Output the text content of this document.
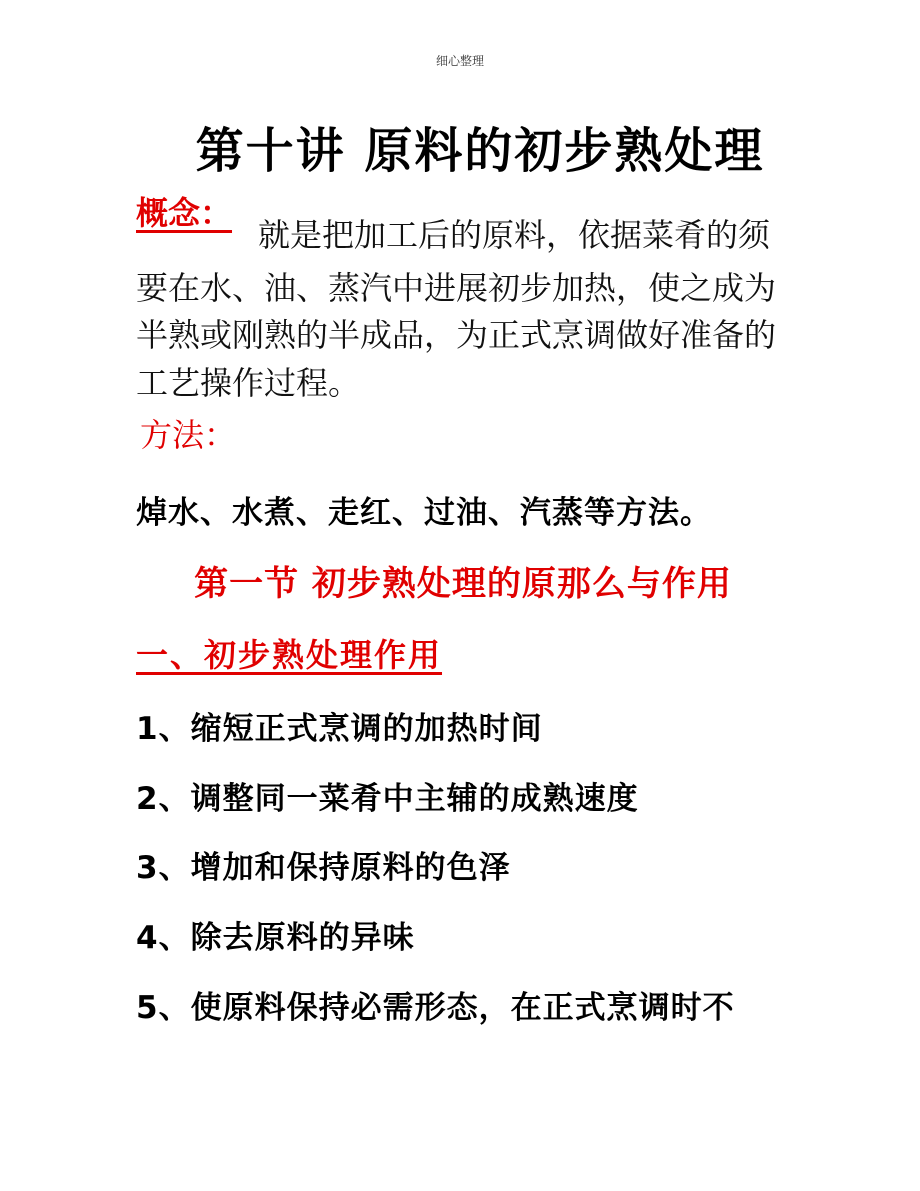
细心整理
第十讲 原料的初步熟处理
概念：
就是把加工后的原料，依据菜肴的须
要在水、油、蒸汽中进展初步加热，使之成为
半熟或刚熟的半成品，为正式烹调做好准备的
工艺操作过程。
方法：
焯水、水煮、走红、过油、汽蒸等方法。
第一节 初步熟处理的原那么与作用
一、初步熟处理作用
1、缩短正式烹调的加热时间
2、调整同一菜肴中主辅的成熟速度
3、增加和保持原料的色泽
4、除去原料的异味
5、使原料保持必需形态，在正式烹调时不
